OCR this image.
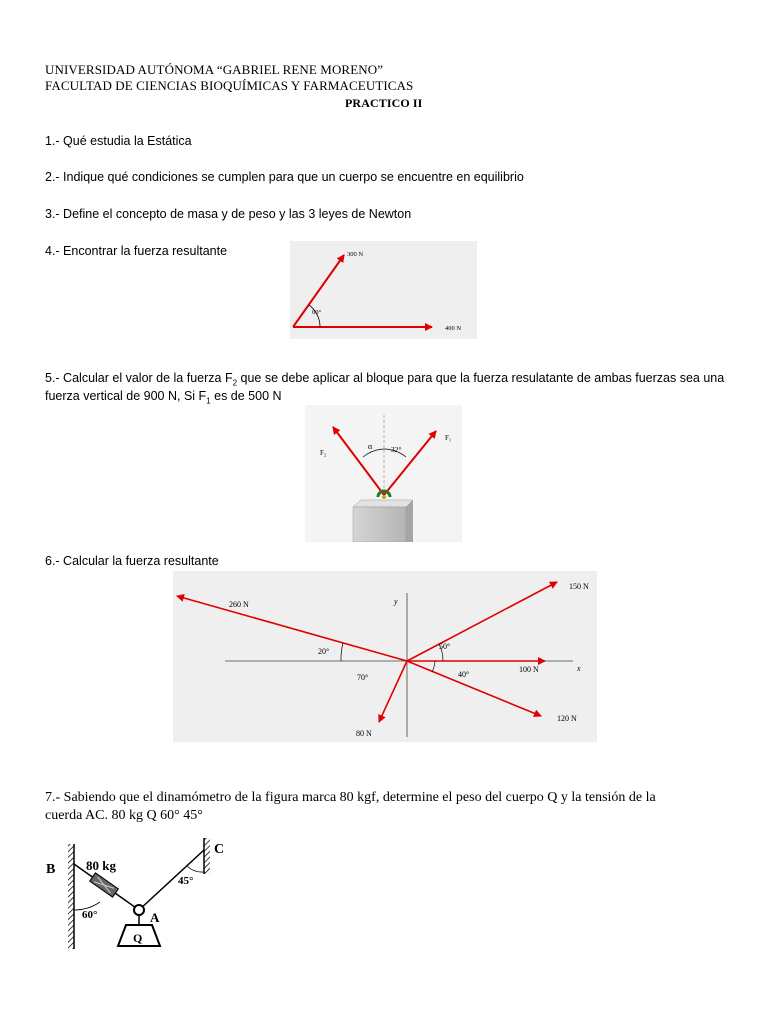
UNIVERSIDAD AUTÓNOMA “GABRIEL RENE MORENO”
FACULTAD DE CIENCIAS BIOQUÍMICAS Y FARMACEUTICAS
PRACTICO II
1.- Qué estudia la Estática
2.- Indique qué condiciones se cumplen para que un cuerpo se encuentre en equilibrio
3.- Define el concepto de masa y de peso y las 3 leyes de Newton
4.- Encontrar la fuerza resultante	300 N
400 N
60°
5.- Calcular el valor de la fuerza $F_2$ que se debe aplicar al bloque para que la fuerza resulatante de ambas fuerzas sea una
fuerza vertical de 900 N, Si $F_1$ es de 500 N
F₂
F₁
α	32°
6.- Calcular la fuerza resultante
260 N
150 N
100 N
120 N
80 N
20°
50°
70°	40°
x
y
7.- Sabiendo que el dinamómetro de la figura marca 80 kgf, determine el peso del cuerpo Q y la tensión de la
cuerda AC. 80 kg Q 60° 45°
Q
B
C
A
80 kg
60°
45°
